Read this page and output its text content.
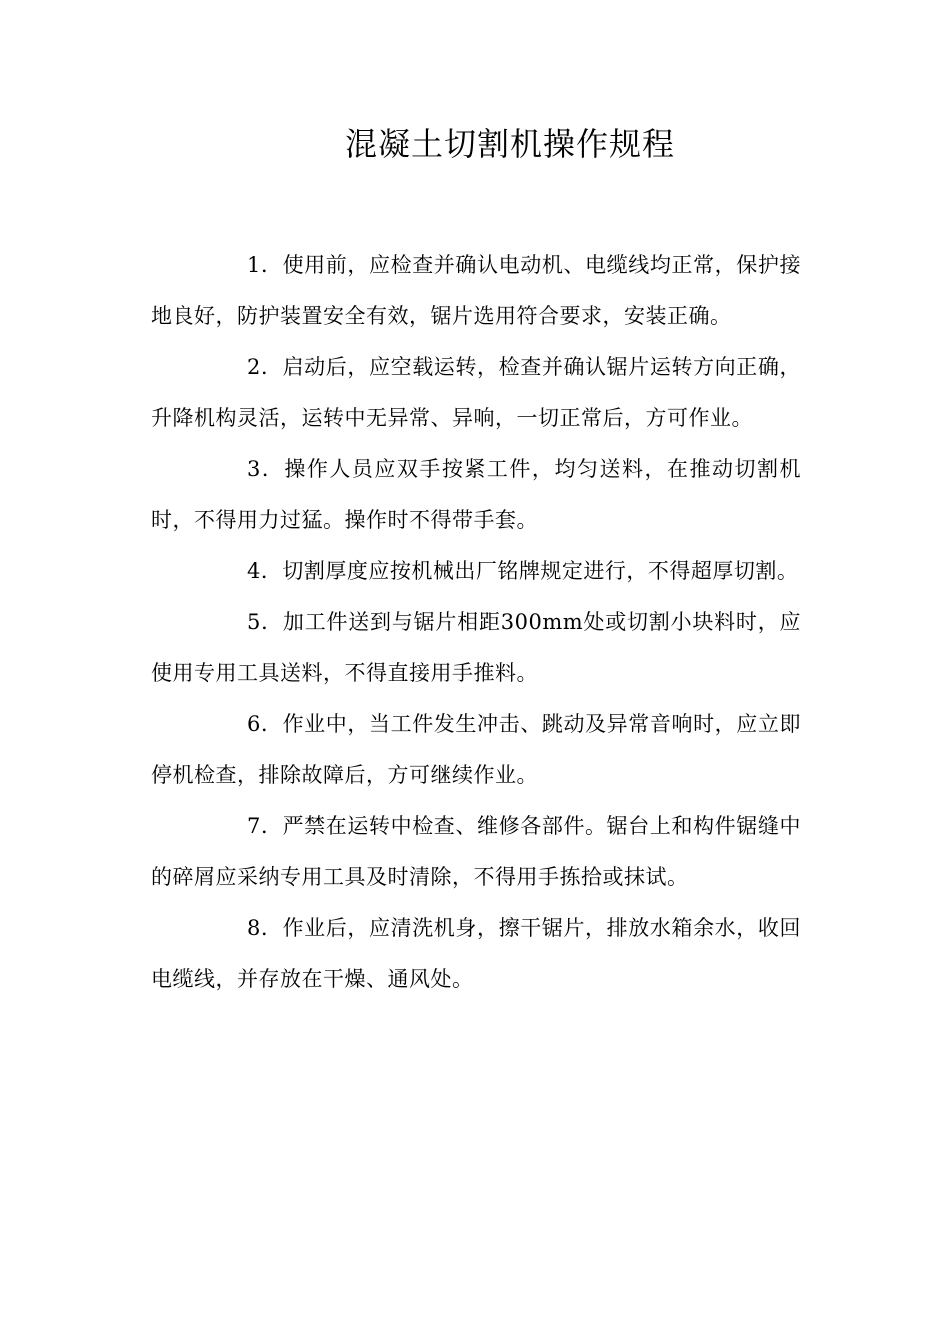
混凝土切割机操作规程

1．使用前，应检查并确认电动机、电缆线均正常，保护接地良好，防护装置安全有效，锯片选用符合要求，安装正确。

2．启动后，应空载运转，检查并确认锯片运转方向正确，升降机构灵活，运转中无异常、异响，一切正常后，方可作业。

3．操作人员应双手按紧工件，均匀送料，在推动切割机时，不得用力过猛。操作时不得带手套。

4．切割厚度应按机械出厂铭牌规定进行，不得超厚切割。

5．加工件送到与锯片相距300mm处或切割小块料时，应使用专用工具送料，不得直接用手推料。

6．作业中，当工件发生冲击、跳动及异常音响时，应立即停机检查，排除故障后，方可继续作业。

7．严禁在运转中检查、维修各部件。锯台上和构件锯缝中的碎屑应采纳专用工具及时清除，不得用手拣拾或抹试。

8．作业后，应清洗机身，擦干锯片，排放水箱余水，收回电缆线，并存放在干燥、通风处。
